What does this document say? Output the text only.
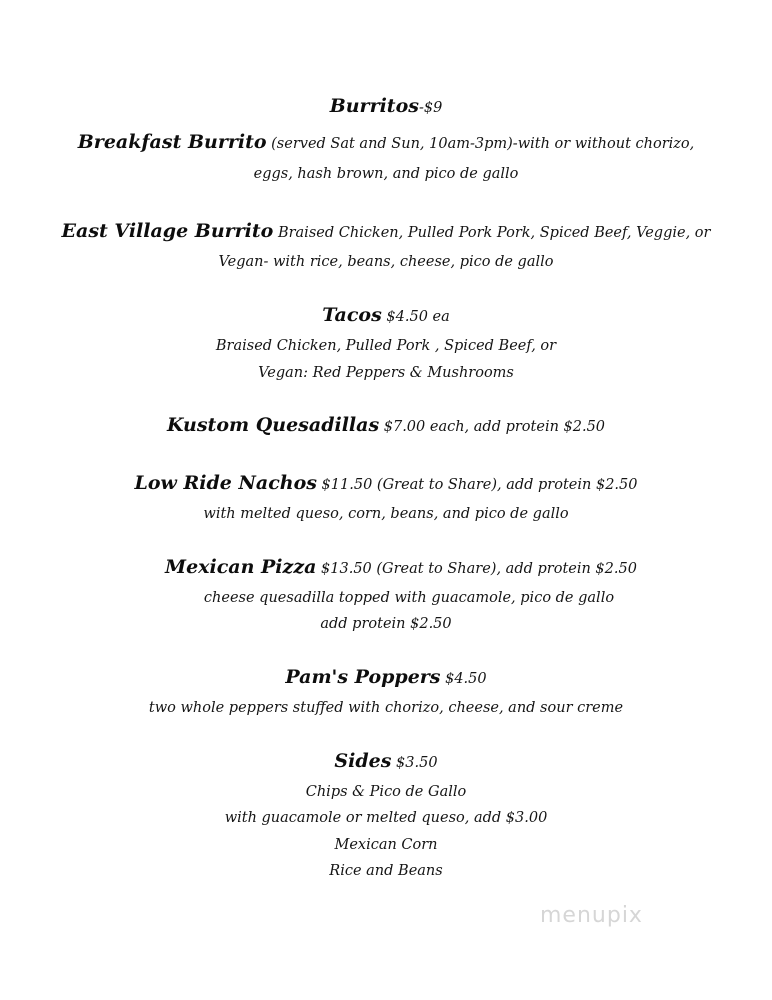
Burritos-$9
Breakfast Burrito (served Sat and Sun, 10am-3pm)-with or without chorizo,
eggs, hash brown, and pico de gallo
East Village Burrito Braised Chicken, Pulled Pork Pork, Spiced Beef, Veggie, or
Vegan- with rice, beans, cheese, pico de gallo
Tacos $4.50 ea
Braised Chicken, Pulled Pork , Spiced Beef, or
Vegan: Red Peppers & Mushrooms
Kustom Quesadillas $7.00 each, add protein $2.50
Low Ride Nachos $11.50 (Great to Share), add protein $2.50
with melted queso, corn, beans, and pico de gallo
Mexican Pizza $13.50 (Great to Share), add protein $2.50
cheese quesadilla topped with guacamole, pico de gallo
add protein $2.50
Pam's Poppers $4.50
two whole peppers stuffed with chorizo, cheese, and sour creme
Sides $3.50
Chips & Pico de Gallo
with guacamole or melted queso, add $3.00
Mexican Corn
Rice and Beans
menupix
